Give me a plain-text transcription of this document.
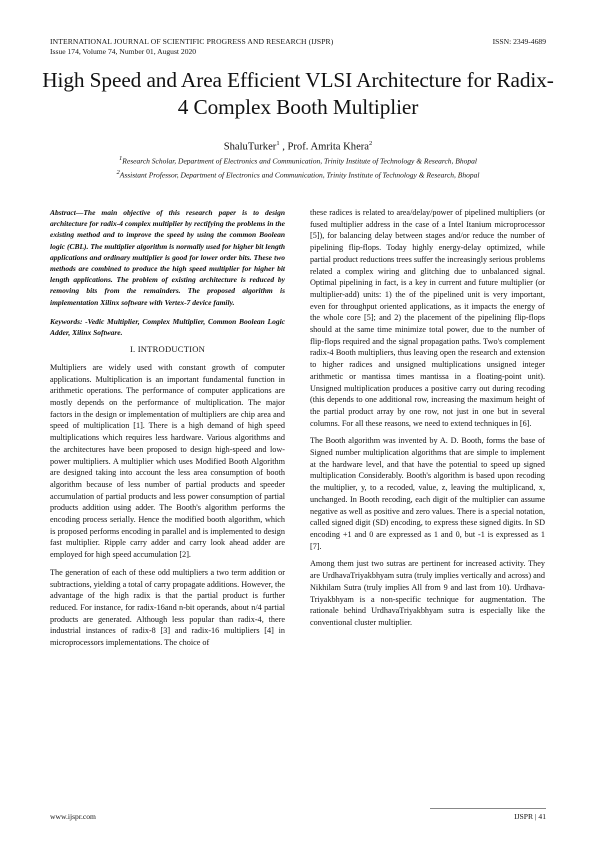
INTERNATIONAL JOURNAL OF SCIENTIFIC PROGRESS AND RESEARCH (IJSPR)	ISSN: 2349-4689
Issue 174, Volume 74, Number 01, August 2020
High Speed and Area Efficient VLSI Architecture for Radix-4 Complex Booth Multiplier
ShaluTurker$^1$ , Prof. Amrita Khera$^2$
$^1$Research Scholar, Department of Electronics and Communication, Trinity Institute of Technology & Research, Bhopal
$^2$Assistant Professor, Department of Electronics and Communication, Trinity Institute of Technology & Research, Bhopal

Abstract—The main objective of this research paper is to design architecture for radix-4 complex multiplier by rectifying the problems in the existing method and to improve the speed by using the common Boolean logic (CBL). The multiplier algorithm is normally used for higher bit length applications and ordinary multiplier is good for lower order bits. These two methods are combined to produce the high speed multiplier for higher bit length applications. The problem of existing architecture is reduced by removing bits from the remainders. The proposed algorithm is implementation Xilinx software with Vertex-7 device family.

Keywords: -Vedic Multiplier, Complex Multiplier, Common Boolean Logic Adder, Xilinx Software.

I. INTRODUCTION

Multipliers are widely used with constant growth of computer applications. Multiplication is an important fundamental function in arithmetic operations. The performance of computer applications are mostly depends on the performance of multiplication. The major factors in the design or implementation of multipliers are chip area and speed of multiplication [1]. There is a high demand of high speed multiplications which requires less hardware. Various algorithms and the architectures have been proposed to design high-speed and low-power multipliers. A multiplier which uses Modified Booth Algorithm are designed taking into account the less area consumption of booth algorithm because of less number of partial products and speeder accumulation of partial products and less power consumption of partial products addition using adder. The Booth's algorithm performs the encoding process serially. Hence the modified booth algorithm, which is proposed performs encoding in parallel and is implemented to design fast multiplier. Ripple carry adder and carry look ahead adder are employed for high speed accumulation [2].

The generation of each of these odd multipliers a two term addition or subtractions, yielding a total of carry propagate additions. However, the advantage of the high radix is that the partial product is further reduced. For instance, for radix-16and n-bit operands, about n/4 partial products are generated. Although less popular than radix-4, there industrial instances of radix-8 [3] and radix-16 multipliers [4] in microprocessors implementations. The choice of

these radices is related to area/delay/power of pipelined multipliers (or fused multiplier address in the case of a Intel Itanium microprocessor [5]), for balancing delay between stages and/or reduce the number of pipelining flip-flops. Today highly energy-delay optimized, while partial product reductions trees suffer the increasingly serious problems related a complex wiring and glitching due to unbalanced signal. Optimal pipelining in fact, is a key in current and future multiplier (or multiplier-add) units: 1) the of the pipelined unit is very important, even for throughput oriented applications, as it impacts the energy of the whole core [5]; and 2) the placement of the pipelining flip-flops should at the same time minimize total power, due to the number of flip-flops required and the signal propagation paths. Two's complement radix-4 Booth multipliers, thus leaving open the research and extension to higher radices and unsigned multiplications unsigned integer arithmetic or mantissa times mantissa in a floating-point unit). Unsigned multiplication produces a positive carry out during recoding (this depends to one additional row, increasing the maximum height of the partial product array by one row, not just in one but in several columns. For all these reasons, we need to extend techniques in [6].

The Booth algorithm was invented by A. D. Booth, forms the base of Signed number multiplication algorithms that are simple to implement at the hardware level, and that have the potential to speed up signed multiplication Considerably. Booth's algorithm is based upon recoding the multiplier, y, to a recoded, value, z, leaving the multiplicand, x, unchanged. In Booth recoding, each digit of the multiplier can assume negative as well as positive and zero values. There is a special notation, called signed digit (SD) encoding, to express these signed digits. In SD encoding +1 and 0 are expressed as 1 and 0, but -1 is expressed as 1 [7].

Among them just two sutras are pertinent for increased activity. They are UrdhavaTriyakbhyam sutra (truly implies vertically and across) and Nikhilam Sutra (truly implies All from 9 and last from 10). Urdhava-Triyakbhyam is a non-specific technique for augmentation. The rationale behind UrdhavaTriyakbhyam sutra is especially like the conventional cluster multiplier.

www.ijspr.com	IJSPR | 41
